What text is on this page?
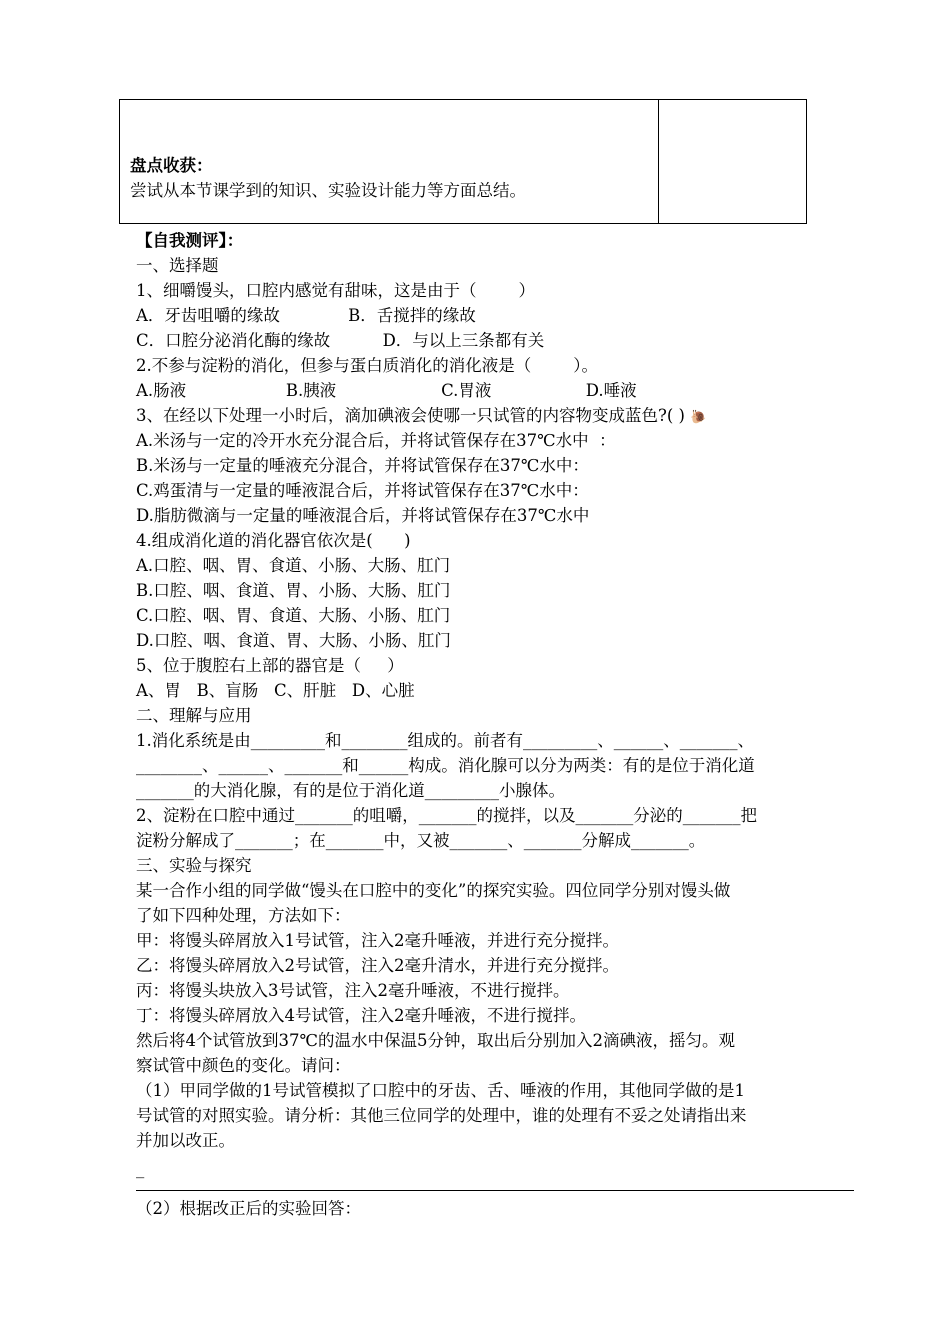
盘点收获：
尝试从本节课学到的知识、实验设计能力等方面总结。
【自我测评】：
一、选择题
1、细嚼馒头，口腔内感觉有甜味，这是由于（        ）
A．牙齿咀嚼的缘故             B．舌搅拌的缘故
C．口腔分泌消化酶的缘故          D．与以上三条都有关
2.不参与淀粉的消化，但参与蛋白质消化的消化液是（        ）。
A.肠液                   B.胰液                    C.胃液                  D.唾液
3、在经以下处理一小时后，滴加碘液会使哪一只试管的内容物变成蓝色?( ) 🐌
A.米汤与一定的冷开水充分混合后，并将试管保存在37℃水中  ：
B.米汤与一定量的唾液充分混合，并将试管保存在37℃水中：
C.鸡蛋清与一定量的唾液混合后，并将试管保存在37℃水中：
D.脂肪微滴与一定量的唾液混合后，并将试管保存在37℃水中
4.组成消化道的消化器官依次是(      )
A.口腔、咽、胃、食道、小肠、大肠、肛门
B.口腔、咽、食道、胃、小肠、大肠、肛门
C.口腔、咽、胃、食道、大肠、小肠、肛门
D.口腔、咽、食道、胃、大肠、小肠、肛门
5、位于腹腔右上部的器官是（     ）
A、胃   B、盲肠   C、肝脏   D、心脏
二、理解与应用
1.消化系统是由_________和________组成的。前者有_________、______、_______、
________、______、_______和______构成。消化腺可以分为两类：有的是位于消化道
_______的大消化腺，有的是位于消化道_________小腺体。
2、淀粉在口腔中通过_______的咀嚼，_______的搅拌，以及_______分泌的_______把
淀粉分解成了_______；在_______中，又被_______、_______分解成_______。
三、实验与探究
某一合作小组的同学做“馒头在口腔中的变化”的探究实验。四位同学分别对馒头做
了如下四种处理，方法如下：
甲：将馒头碎屑放入1号试管，注入2毫升唾液，并进行充分搅拌。
乙：将馒头碎屑放入2号试管，注入2毫升清水，并进行充分搅拌。
丙：将馒头块放入3号试管，注入2毫升唾液，不进行搅拌。
丁：将馒头碎屑放入4号试管，注入2毫升唾液，不进行搅拌。
然后将4个试管放到37℃的温水中保温5分钟，取出后分别加入2滴碘液，摇匀。观
察试管中颜色的变化。请问：
（1）甲同学做的1号试管模拟了口腔中的牙齿、舌、唾液的作用，其他同学做的是1
号试管的对照实验。请分析：其他三位同学的处理中，谁的处理有不妥之处请指出来
并加以改正。
_
（2）根据改正后的实验回答：
